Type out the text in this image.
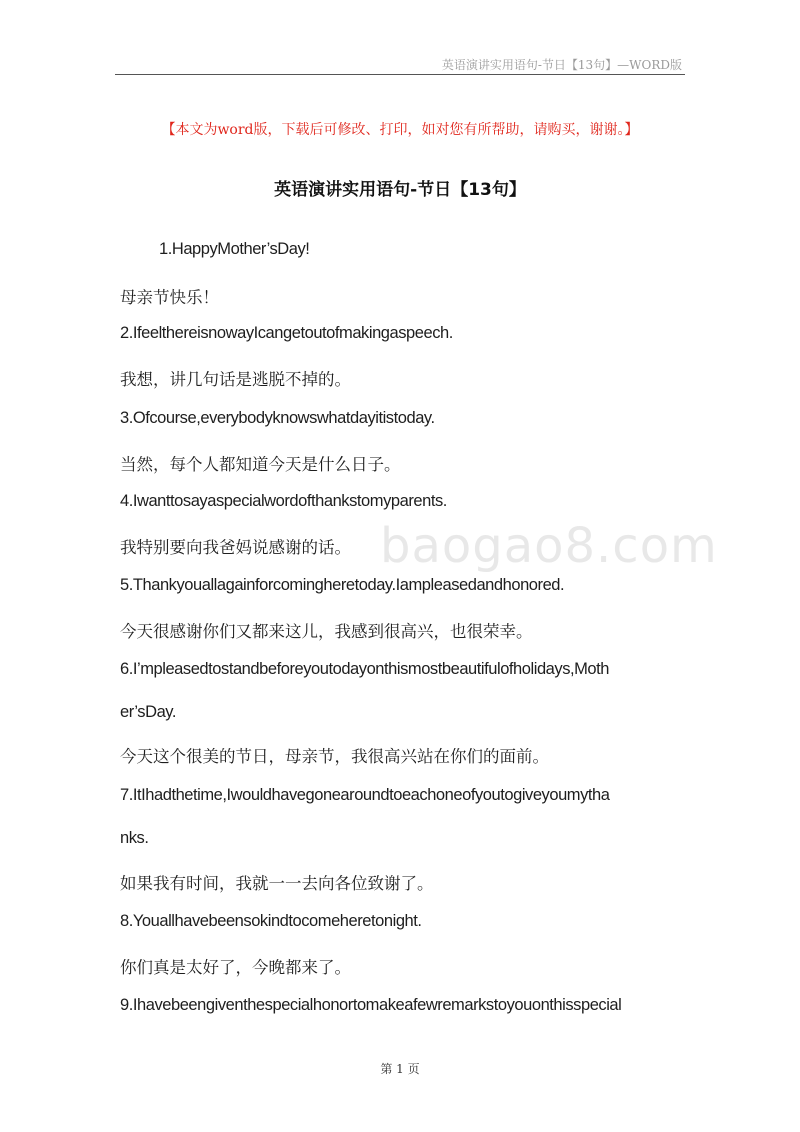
英语演讲实用语句-节日【13句】—WORD版
【本文为word版，下载后可修改、打印，如对您有所帮助，请购买，谢谢。】
英语演讲实用语句-节日【13句】
1.HappyMother’sDay!
母亲节快乐！
2.IfeelthereisnowayIcangetoutofmakingaspeech.
我想，讲几句话是逃脱不掉的。
3.Ofcourse,everybodyknowswhatdayitistoday.
当然，每个人都知道今天是什么日子。
4.Iwanttosayaspecialwordofthankstomyparents.
我特别要向我爸妈说感谢的话。
5.Thankyouallagainforcomingheretoday.Iampleasedandhonored.
今天很感谢你们又都来这儿，我感到很高兴，也很荣幸。
6.I’mpleasedtostandbeforeyoutodayonthismostbeautifulofholidays,Moth
er’sDay.
今天这个很美的节日，母亲节，我很高兴站在你们的面前。
7.ItIhadthetime,Iwouldhavegonearoundtoeachoneofyoutogiveyoumytha
nks.
如果我有时间，我就一一去向各位致谢了。
8.Youallhavebeensokindtocomeheretonight.
你们真是太好了，今晚都来了。
9.Ihavebeengiventhespecialhonortomakeafewremarkstoyouonthisspecial
baogao8.com
第 1 页
